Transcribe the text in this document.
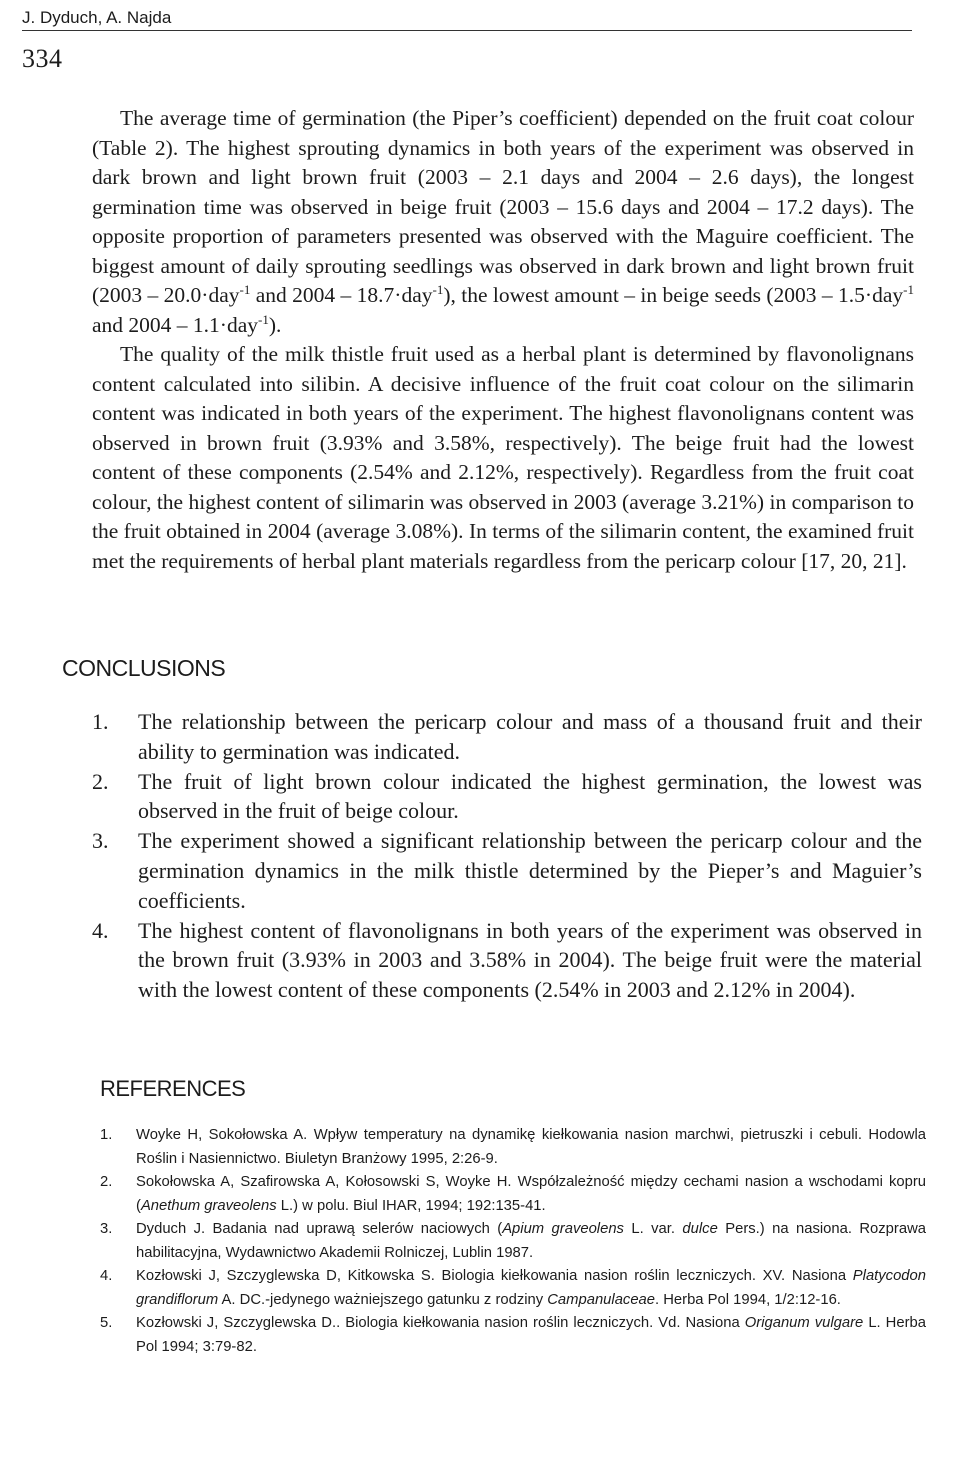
J. Dyduch, A. Najda
334

The average time of germination (the Piper’s coefficient) depended on the fruit coat colour (Table 2). The highest sprouting dynamics in both years of the experiment was observed in dark brown and light brown fruit (2003 – 2.1 days and 2004 – 2.6 days), the longest germination time was observed in beige fruit (2003 – 15.6 days and 2004 – 17.2 days). The opposite proportion of parameters presented was observed with the Maguire coefficient. The biggest amount of daily sprouting seedlings was observed in dark brown and light brown fruit (2003 – 20.0·day$^{-1}$ and 2004 – 18.7·day$^{-1}$), the lowest amount – in beige seeds (2003 – 1.5·day$^{-1}$ and 2004 – 1.1·day$^{-1}$).

The quality of the milk thistle fruit used as a herbal plant is determined by flavonolignans content calculated into silibin. A decisive influence of the fruit coat colour on the silimarin content was indicated in both years of the experiment. The highest flavonolignans content was observed in brown fruit (3.93% and 3.58%, respectively). The beige fruit had the lowest content of these components (2.54% and 2.12%, respectively). Regardless from the fruit coat colour, the highest content of silimarin was observed in 2003 (average 3.21%) in comparison to the fruit obtained in 2004 (average 3.08%). In terms of the silimarin content, the examined fruit met the requirements of herbal plant materials regardless from the pericarp colour [17, 20, 21].

CONCLUSIONS
1.	The relationship between the pericarp colour and mass of a thousand fruit and their ability to germination was indicated.
2.	The fruit of light brown colour indicated the highest germination, the lowest was observed in the fruit of beige colour.
3.	The experiment showed a significant relationship between the pericarp colour and the germination dynamics in the milk thistle determined by the Pieper’s and Maguier’s coefficients.
4.	The highest content of flavonolignans in both years of the experiment was observed in the brown fruit (3.93% in 2003 and 3.58% in 2004). The beige fruit were the material with the lowest content of these components (2.54% in 2003 and 2.12% in 2004).
REFERENCES
1.	Woyke H, Sokołowska A. Wpływ temperatury na dynamikę kiełkowania nasion marchwi, pietruszki i cebuli. Hodowla Roślin i Nasiennictwo. Biuletyn Branżowy 1995, 2:26-9.
2.	Sokołowska A, Szafirowska A, Kołosowski S, Woyke H. Współzależność między cechami nasion a wschodami kopru (Anethum graveolens L.) w polu. Biul IHAR, 1994; 192:135-41.
3.	Dyduch J. Badania nad uprawą selerów naciowych (Apium graveolens L. var. dulce Pers.) na nasiona. Rozprawa habilitacyjna, Wydawnictwo Akademii Rolniczej, Lublin 1987.
4.	Kozłowski J, Szczyglewska D, Kitkowska S. Biologia kiełkowania nasion roślin leczniczych. XV. Nasiona Platycodon grandiflorum A. DC.-jedynego ważniejszego gatunku z rodziny Campanulaceae. Herba Pol 1994, 1/2:12-16.
5.	Kozłowski J, Szczyglewska D.. Biologia kiełkowania nasion roślin leczniczych. Vd. Nasiona Origanum vulgare L. Herba Pol 1994; 3:79-82.
